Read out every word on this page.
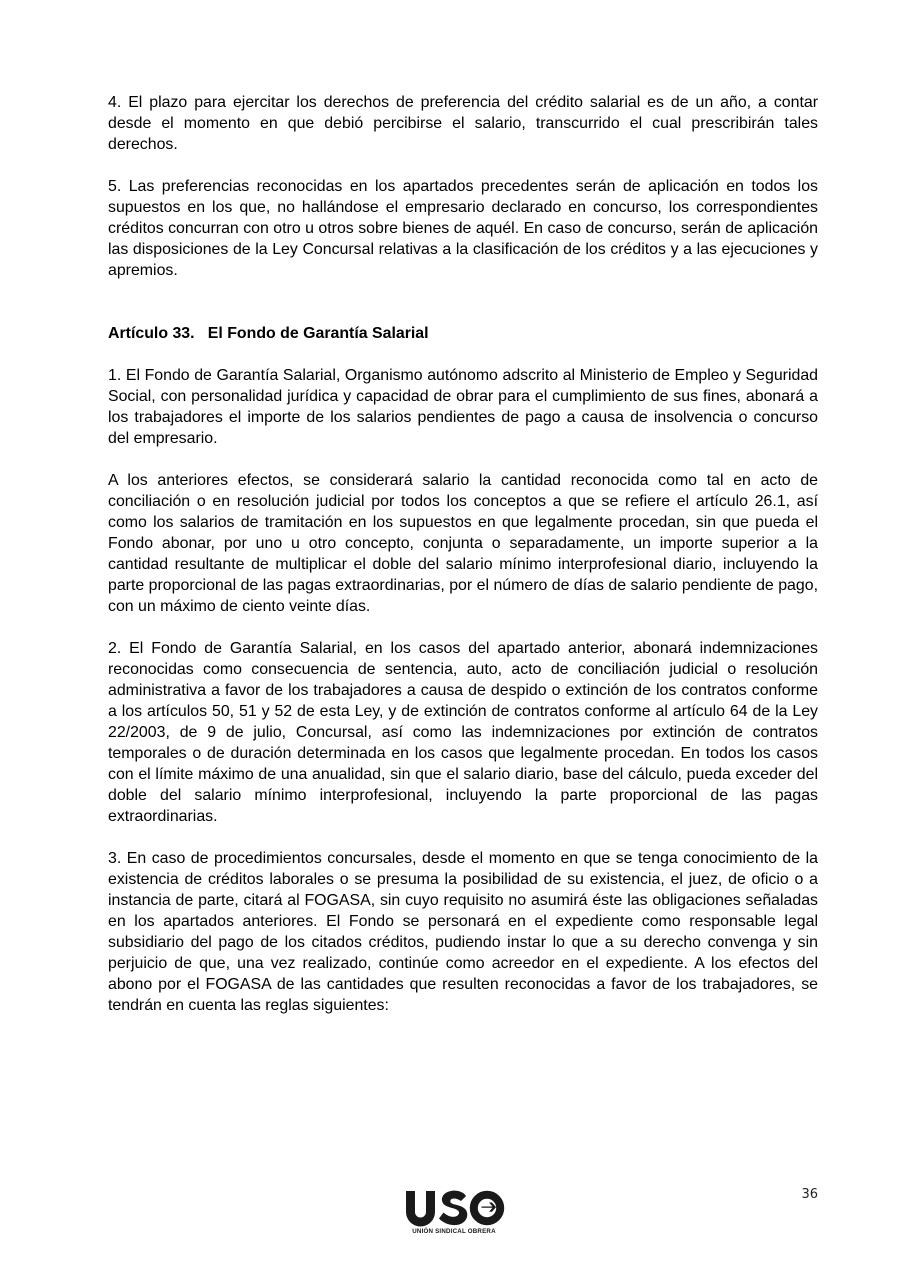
4. El plazo para ejercitar los derechos de preferencia del crédito salarial es de un año, a contar desde el momento en que debió percibirse el salario, transcurrido el cual prescribirán tales derechos.

5. Las preferencias reconocidas en los apartados precedentes serán de aplicación en todos los supuestos en los que, no hallándose el empresario declarado en concurso, los correspondientes créditos concurran con otro u otros sobre bienes de aquél. En caso de concurso, serán de aplicación las disposiciones de la Ley Concursal relativas a la clasificación de los créditos y a las ejecuciones y apremios.

Artículo 33.   El Fondo de Garantía Salarial

1. El Fondo de Garantía Salarial, Organismo autónomo adscrito al Ministerio de Empleo y Seguridad Social, con personalidad jurídica y capacidad de obrar para el cumplimiento de sus fines, abonará a los trabajadores el importe de los salarios pendientes de pago a causa de insolvencia o concurso del empresario.

A los anteriores efectos, se considerará salario la cantidad reconocida como tal en acto de conciliación o en resolución judicial por todos los conceptos a que se refiere el artículo 26.1, así como los salarios de tramitación en los supuestos en que legalmente procedan, sin que pueda el Fondo abonar, por uno u otro concepto, conjunta o separadamente, un importe superior a la cantidad resultante de multiplicar el doble del salario mínimo interprofesional diario, incluyendo la parte proporcional de las pagas extraordinarias, por el número de días de salario pendiente de pago, con un máximo de ciento veinte días.

2. El Fondo de Garantía Salarial, en los casos del apartado anterior, abonará indemnizaciones reconocidas como consecuencia de sentencia, auto, acto de conciliación judicial o resolución administrativa a favor de los trabajadores a causa de despido o extinción de los contratos conforme a los artículos 50, 51 y 52 de esta Ley, y de extinción de contratos conforme al artículo 64 de la Ley 22/2003, de 9 de julio, Concursal, así como las indemnizaciones por extinción de contratos temporales o de duración determinada en los casos que legalmente procedan. En todos los casos con el límite máximo de una anualidad, sin que el salario diario, base del cálculo, pueda exceder del doble del salario mínimo interprofesional, incluyendo la parte proporcional de las pagas extraordinarias.

3. En caso de procedimientos concursales, desde el momento en que se tenga conocimiento de la existencia de créditos laborales o se presuma la posibilidad de su existencia, el juez, de oficio o a instancia de parte, citará al FOGASA, sin cuyo requisito no asumirá éste las obligaciones señaladas en los apartados anteriores. El Fondo se personará en el expediente como responsable legal subsidiario del pago de los citados créditos, pudiendo instar lo que a su derecho convenga y sin perjuicio de que, una vez realizado, continúe como acreedor en el expediente. A los efectos del abono por el FOGASA de las cantidades que resulten reconocidas a favor de los trabajadores, se tendrán en cuenta las reglas siguientes:

UNIÓN SINDICAL OBRERA
36
